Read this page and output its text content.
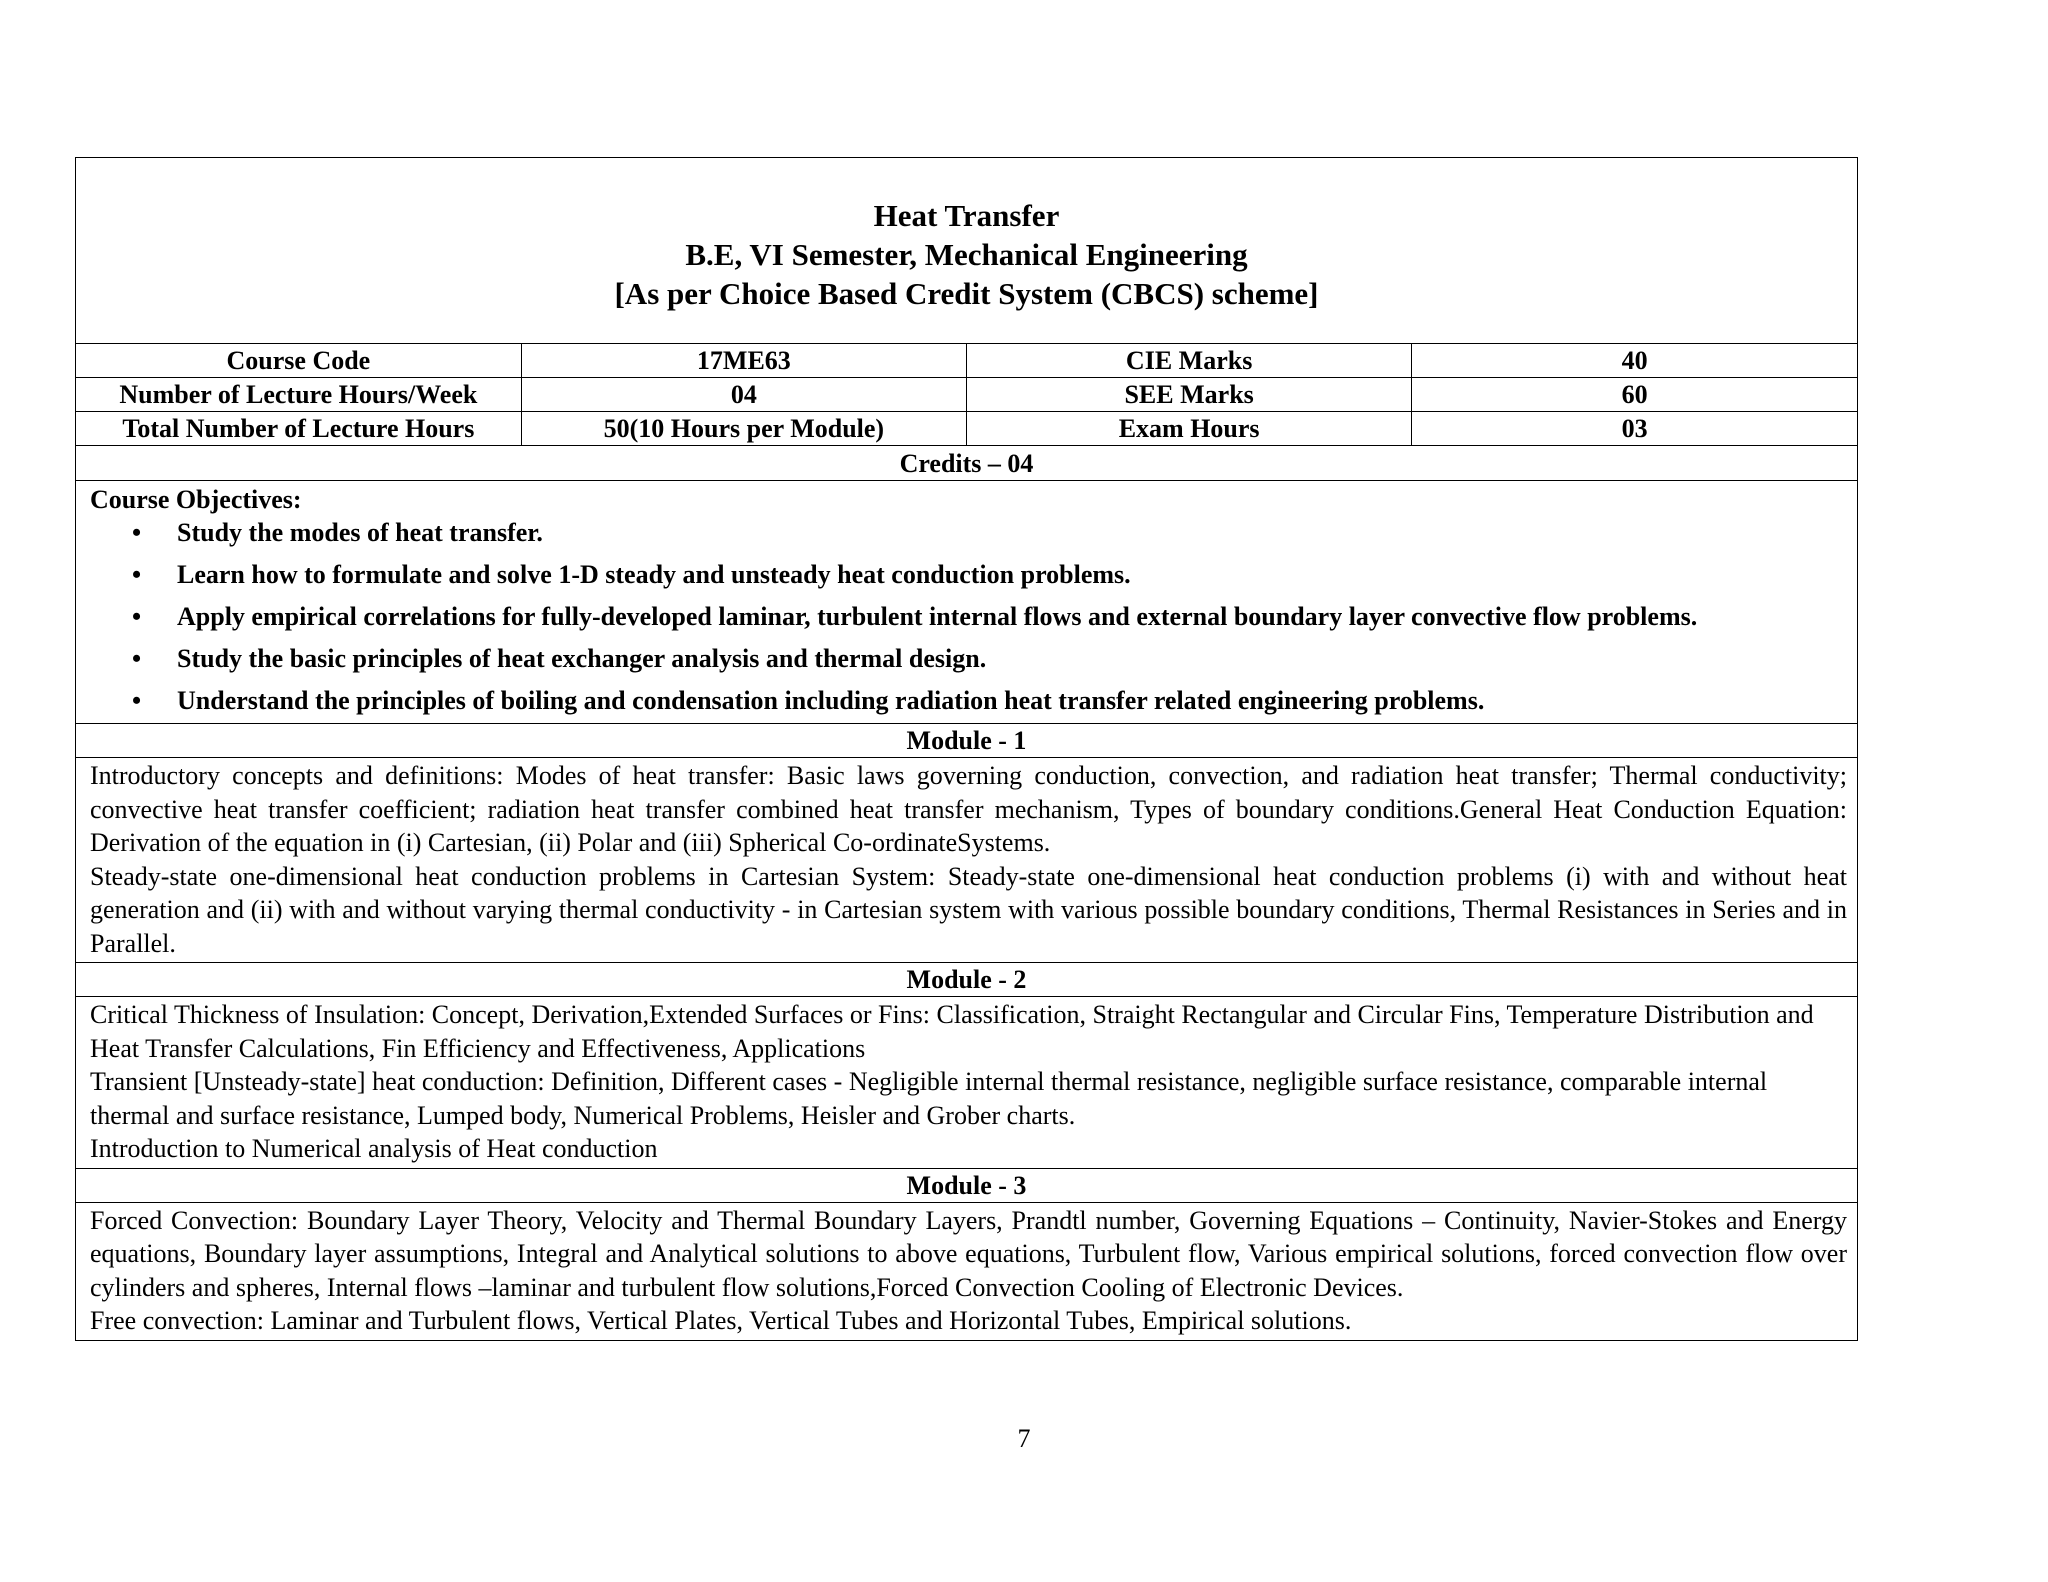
Heat Transfer
B.E, VI Semester, Mechanical Engineering
[As per Choice Based Credit System (CBCS) scheme]
Course Code	17ME63	CIE Marks	40
Number of Lecture Hours/Week	04	SEE Marks	60
Total Number of Lecture Hours	50(10 Hours per Module)	Exam Hours	03
Credits – 04
Course Objectives:
• Study the modes of heat transfer.
• Learn how to formulate and solve 1-D steady and unsteady heat conduction problems.
• Apply empirical correlations for fully-developed laminar, turbulent internal flows and external boundary layer convective flow problems.
• Study the basic principles of heat exchanger analysis and thermal design.
• Understand the principles of boiling and condensation including radiation heat transfer related engineering problems.
Module - 1
Introductory concepts and definitions: Modes of heat transfer: Basic laws governing conduction, convection, and radiation heat transfer; Thermal conductivity; convective heat transfer coefficient; radiation heat transfer combined heat transfer mechanism, Types of boundary conditions.General Heat Conduction Equation: Derivation of the equation in (i) Cartesian, (ii) Polar and (iii) Spherical Co-ordinateSystems.
Steady-state one-dimensional heat conduction problems in Cartesian System: Steady-state one-dimensional heat conduction problems (i) with and without heat generation and (ii) with and without varying thermal conductivity - in Cartesian system with various possible boundary conditions, Thermal Resistances in Series and in Parallel.
Module - 2
Critical Thickness of Insulation: Concept, Derivation,Extended Surfaces or Fins: Classification, Straight Rectangular and Circular Fins, Temperature Distribution and Heat Transfer Calculations, Fin Efficiency and Effectiveness, Applications
Transient [Unsteady-state] heat conduction: Definition, Different cases - Negligible internal thermal resistance, negligible surface resistance, comparable internal thermal and surface resistance, Lumped body, Numerical Problems, Heisler and Grober charts.
Introduction to Numerical analysis of Heat conduction
Module - 3
Forced Convection: Boundary Layer Theory, Velocity and Thermal Boundary Layers, Prandtl number, Governing Equations – Continuity, Navier-Stokes and Energy equations, Boundary layer assumptions, Integral and Analytical solutions to above equations, Turbulent flow, Various empirical solutions, forced convection flow over cylinders and spheres, Internal flows –laminar and turbulent flow solutions,Forced Convection Cooling of Electronic Devices.
Free convection: Laminar and Turbulent flows, Vertical Plates, Vertical Tubes and Horizontal Tubes, Empirical solutions.
7
